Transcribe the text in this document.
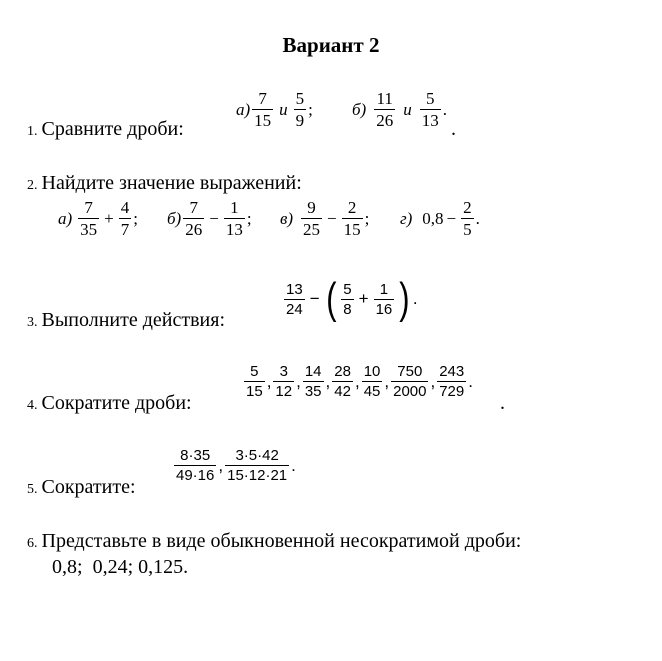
Вариант 2
1. Сравните дроби:
а)
7
15
и
5
9
; б)
11
26
и
5
13
.
.
2. Найдите значение выражений:
а)
7
35
+ $\frac{4}{7}$ ; б)
7
26
− $\frac{1}{13}$ ; в)
9
25
− $\frac{2}{15}$ ; г) $0,8 - \frac{2}{5}$ .
3. Выполните действия:
13
24
− ( 5
8
+ $\frac{1}{16}$ ) .
4. Сократите дроби:
5
15
, 3
12
, 14
35
, 28
42
, 10
45
, 750
2000
, 243
729
.
.
5. Сократите:
8·35
49·16
, 3·5·42
15·12·21
.
6. Представьте в виде обыкновенной несократимой дроби:
0,8; 0,24; 0,125.
